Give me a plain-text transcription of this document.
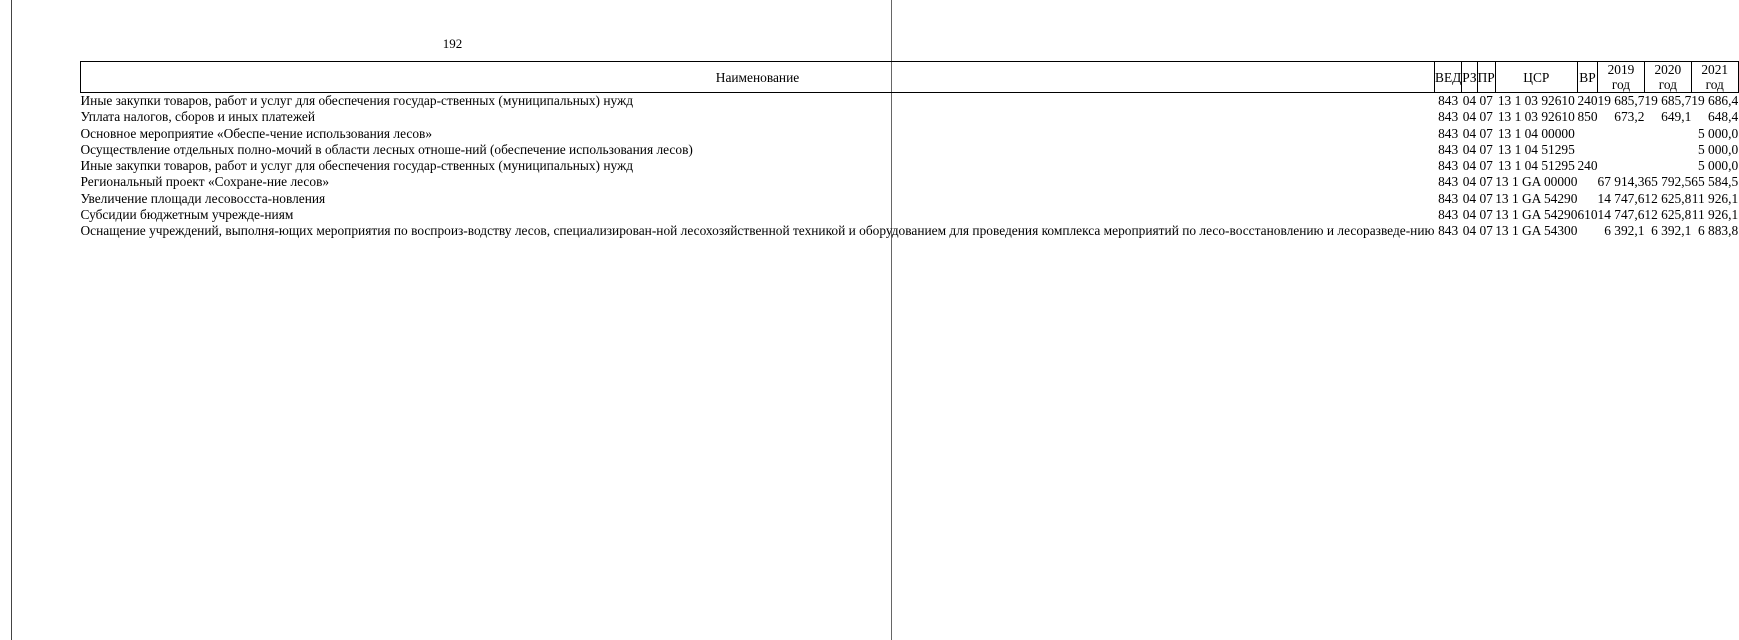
192
Наименование	ВЕД	РЗ	ПР	ЦСР	ВР	2019 год	2020 год	2021 год
Иные закупки товаров, работ и услуг для обеспечения государ-ственных (муниципальных) нужд	843	04	07	13 1 03 92610	240	19 685,7	19 685,7	19 686,4
Уплата налогов, сборов и иных платежей	843	04	07	13 1 03 92610	850	673,2	649,1	648,4
Основное мероприятие «Обеспе-чение использования лесов»	843	04	07	13 1 04 00000				5 000,0
Осуществление отдельных полно-мочий в области лесных отноше-ний (обеспечение использования лесов)	843	04	07	13 1 04 51295				5 000,0
Иные закупки товаров, работ и услуг для обеспечения государ-ственных (муниципальных) нужд	843	04	07	13 1 04 51295	240			5 000,0
Региональный проект «Сохране-ние лесов»	843	04	07	13 1 GA 00000		67 914,3	65 792,5	65 584,5
Увеличение площади лесовосста-новления	843	04	07	13 1 GA 54290		14 747,6	12 625,8	11 926,1
Субсидии бюджетным учрежде-ниям	843	04	07	13 1 GA 54290	610	14 747,6	12 625,8	11 926,1
Оснащение учреждений, выполня-ющих мероприятия по воспроиз-водству лесов, специализирован-ной лесохозяйственной техникой и оборудованием для проведения комплекса мероприятий по лесо-восстановлению и лесоразведе-нию	843	04	07	13 1 GA 54300		6 392,1	6 392,1	6 883,8
